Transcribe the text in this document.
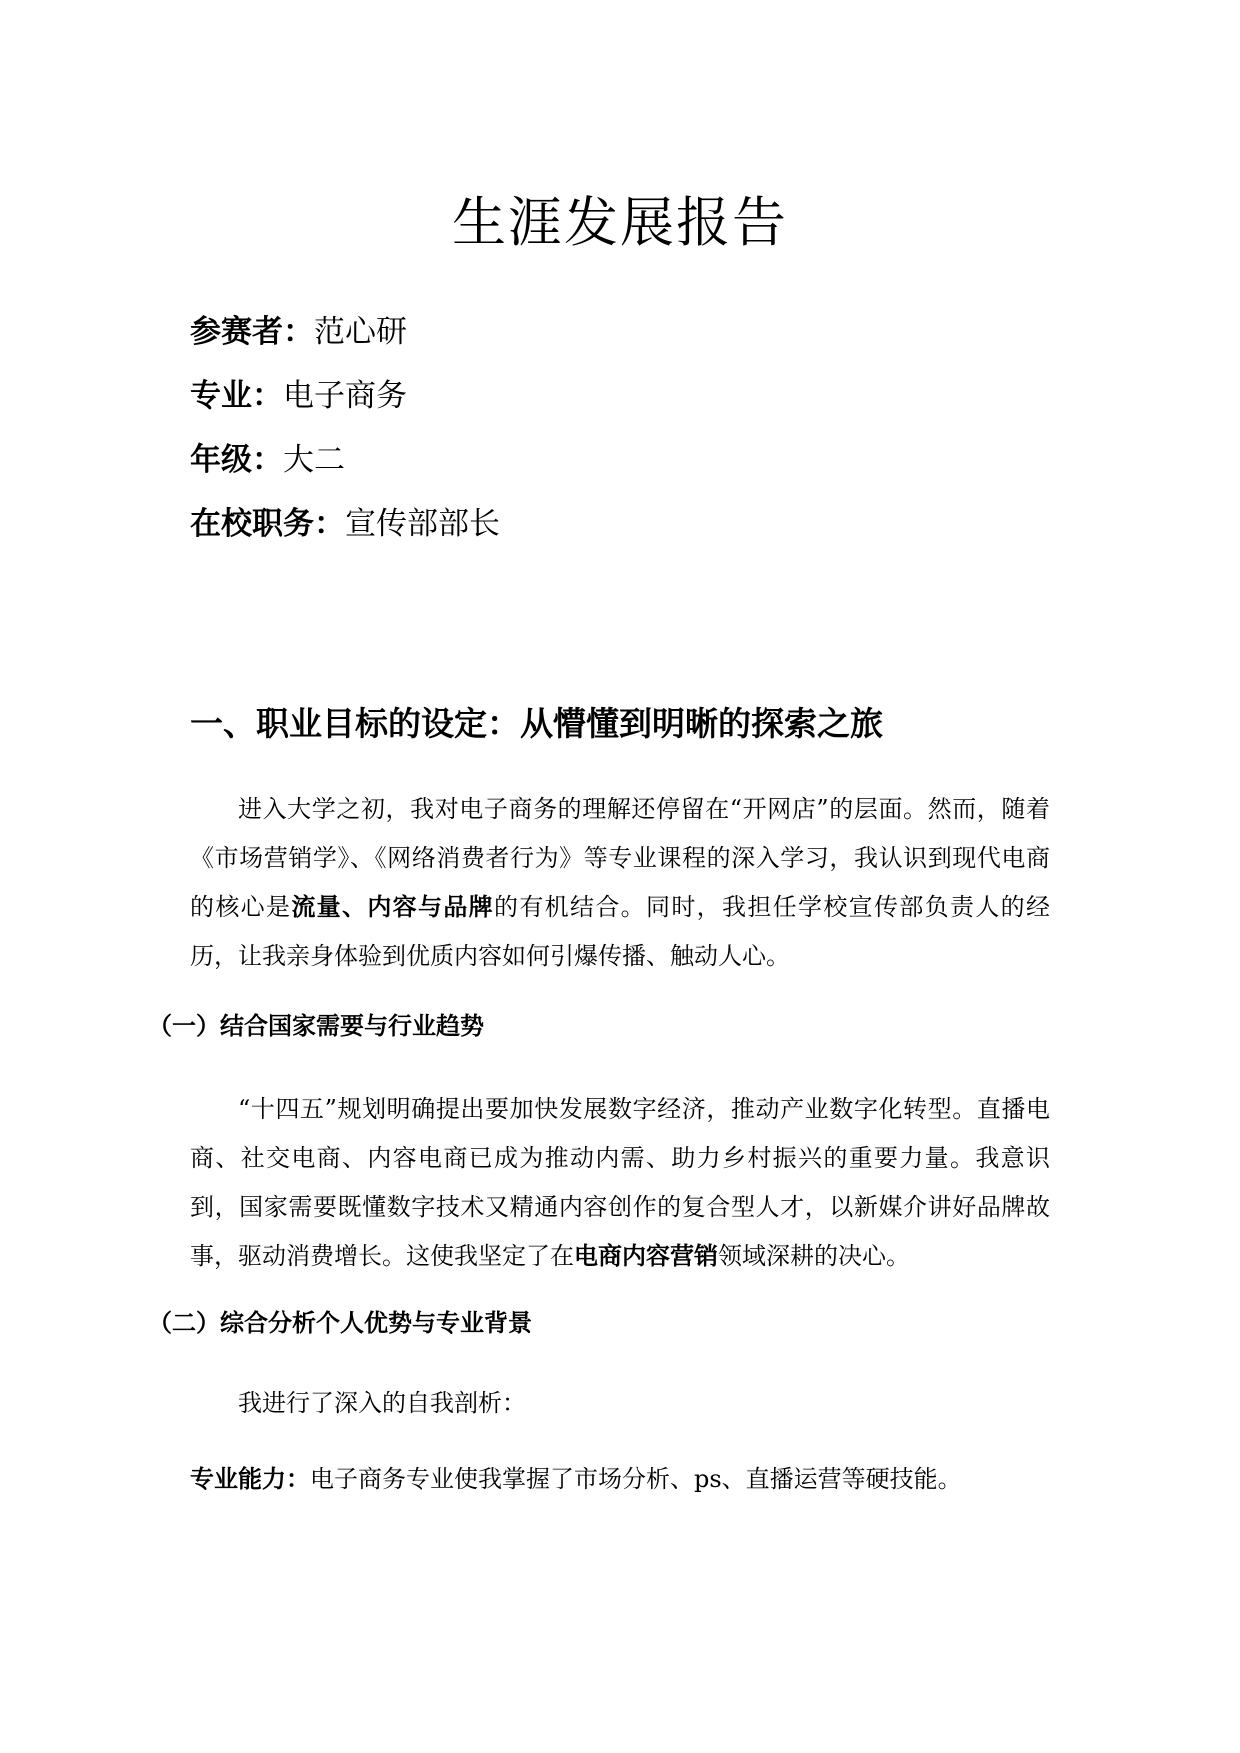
生涯发展报告
参赛者：范心研
专业：电子商务
年级：大二
在校职务：宣传部部长
一、职业目标的设定：从懵懂到明晰的探索之旅

进入大学之初，我对电子商务的理解还停留在“开网店”的层面。然而，随着《市场营销学》、《网络消费者行为》等专业课程的深入学习，我认识到现代电商的核心是流量、内容与品牌的有机结合。同时，我担任学校宣传部负责人的经历，让我亲身体验到优质内容如何引爆传播、触动人心。

（一）结合国家需要与行业趋势

“十四五”规划明确提出要加快发展数字经济，推动产业数字化转型。直播电商、社交电商、内容电商已成为推动内需、助力乡村振兴的重要力量。我意识到，国家需要既懂数字技术又精通内容创作的复合型人才，以新媒介讲好品牌故事，驱动消费增长。这使我坚定了在电商内容营销领域深耕的决心。

（二）综合分析个人优势与专业背景
我进行了深入的自我剖析：
专业能力：电子商务专业使我掌握了市场分析、ps、直播运营等硬技能。
